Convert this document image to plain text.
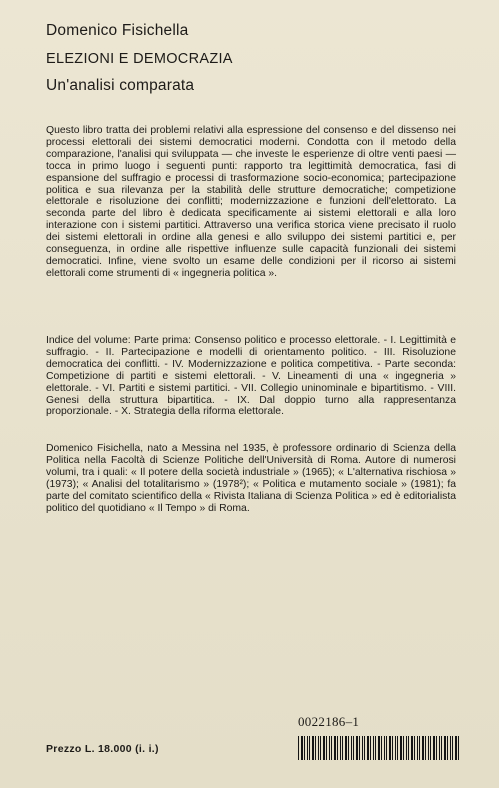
Domenico Fisichella
ELEZIONI E DEMOCRAZIA
Un'analisi comparata
Questo libro tratta dei problemi relativi alla espressione del consenso e del dissenso nei processi elettorali dei sistemi democratici moderni. Condotta con il metodo della comparazione, l'analisi qui sviluppata — che investe le esperienze di oltre venti paesi — tocca in primo luogo i seguenti punti: rapporto tra legittimità democratica, fasi di espansione del suffragio e processi di trasformazione socio-economica; partecipazione politica e sua rilevanza per la stabilità delle strutture democratiche; competizione elettorale e risoluzione dei conflitti; modernizzazione e funzioni dell'elettorato. La seconda parte del libro è dedicata specificamente ai sistemi elettorali e alla loro interazione con i sistemi partitici. Attraverso una verifica storica viene precisato il ruolo dei sistemi elettorali in ordine alla genesi e allo sviluppo dei sistemi partitici e, per conseguenza, in ordine alle rispettive influenze sulle capacità funzionali dei sistemi democratici. Infine, viene svolto un esame delle condizioni per il ricorso ai sistemi elettorali come strumenti di « ingegneria politica ».
Indice del volume: Parte prima: Consenso politico e processo elettorale. - I. Legittimità e suffragio. - II. Partecipazione e modelli di orientamento politico. - III. Risoluzione democratica dei conflitti. - IV. Modernizzazione e politica competitiva. - Parte seconda: Competizione di partiti e sistemi elettorali. - V. Lineamenti di una « ingegneria » elettorale. - VI. Partiti e sistemi partitici. - VII. Collegio uninominale e bipartitismo. - VIII. Genesi della struttura bipartitica. - IX. Dal doppio turno alla rappresentanza proporzionale. - X. Strategia della riforma elettorale.
Domenico Fisichella, nato a Messina nel 1935, è professore ordinario di Scienza della Politica nella Facoltà di Scienze Politiche dell'Università di Roma. Autore di numerosi volumi, tra i quali: « Il potere della società industriale » (1965); « L'alternativa rischiosa » (1973); « Analisi del totalitarismo » (1978²); « Politica e mutamento sociale » (1981); fa parte del comitato scientifico della « Rivista Italiana di Scienza Politica » ed è editorialista politico del quotidiano « Il Tempo » di Roma.
0022186–1
Prezzo L. 18.000 (i. i.)
